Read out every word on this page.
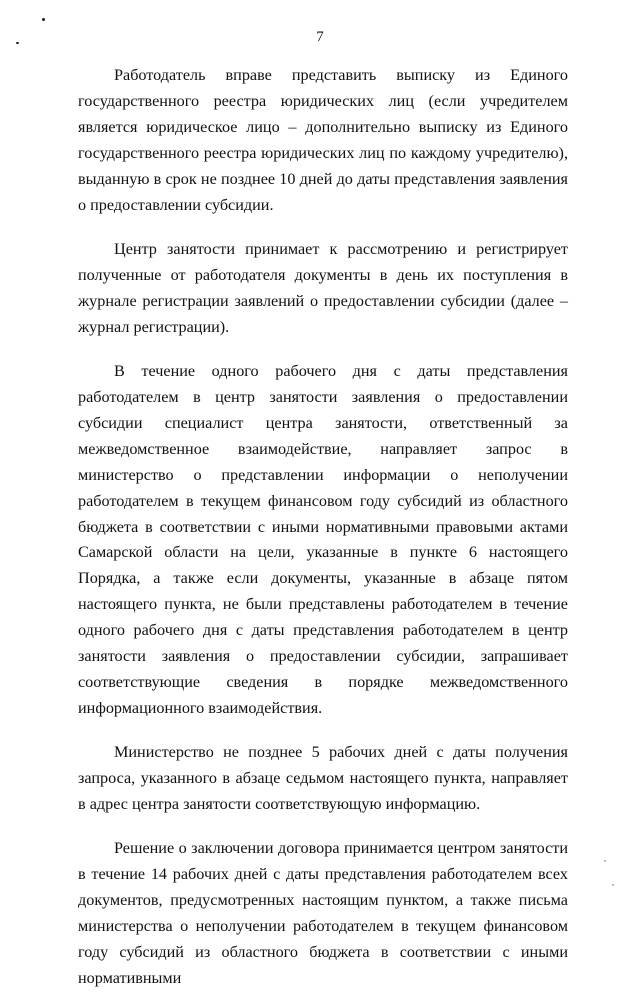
7

Работодатель вправе представить выписку из Единого государственного реестра юридических лиц (если учредителем является юридическое лицо – дополнительно выписку из Единого государственного реестра юридических лиц по каждому учредителю), выданную в срок не позднее 10 дней до даты представления заявления о предоставлении субсидии.

Центр занятости принимает к рассмотрению и регистрирует полученные от работодателя документы в день их поступления в журнале регистрации заявлений о предоставлении субсидии (далее – журнал регистрации).

В течение одного рабочего дня с даты представления работодателем в центр занятости заявления о предоставлении субсидии специалист центра занятости, ответственный за межведомственное взаимодействие, направляет запрос в министерство о представлении информации о неполучении работодателем в текущем финансовом году субсидий из областного бюджета в соответствии с иными нормативными правовыми актами Самарской области на цели, указанные в пункте 6 настоящего Порядка, а также если документы, указанные в абзаце пятом настоящего пункта, не были представлены работодателем в течение одного рабочего дня с даты представления работодателем в центр занятости заявления о предоставлении субсидии, запрашивает соответствующие сведения в порядке межведомственного информационного взаимодействия.

Министерство не позднее 5 рабочих дней с даты получения запроса, указанного в абзаце седьмом настоящего пункта, направляет в адрес центра занятости соответствующую информацию.

Решение о заключении договора принимается центром занятости в течение 14 рабочих дней с даты представления работодателем всех документов, предусмотренных настоящим пунктом, а также письма министерства о неполучении работодателем в текущем финансовом году субсидий из областного бюджета в соответствии с иными нормативными
